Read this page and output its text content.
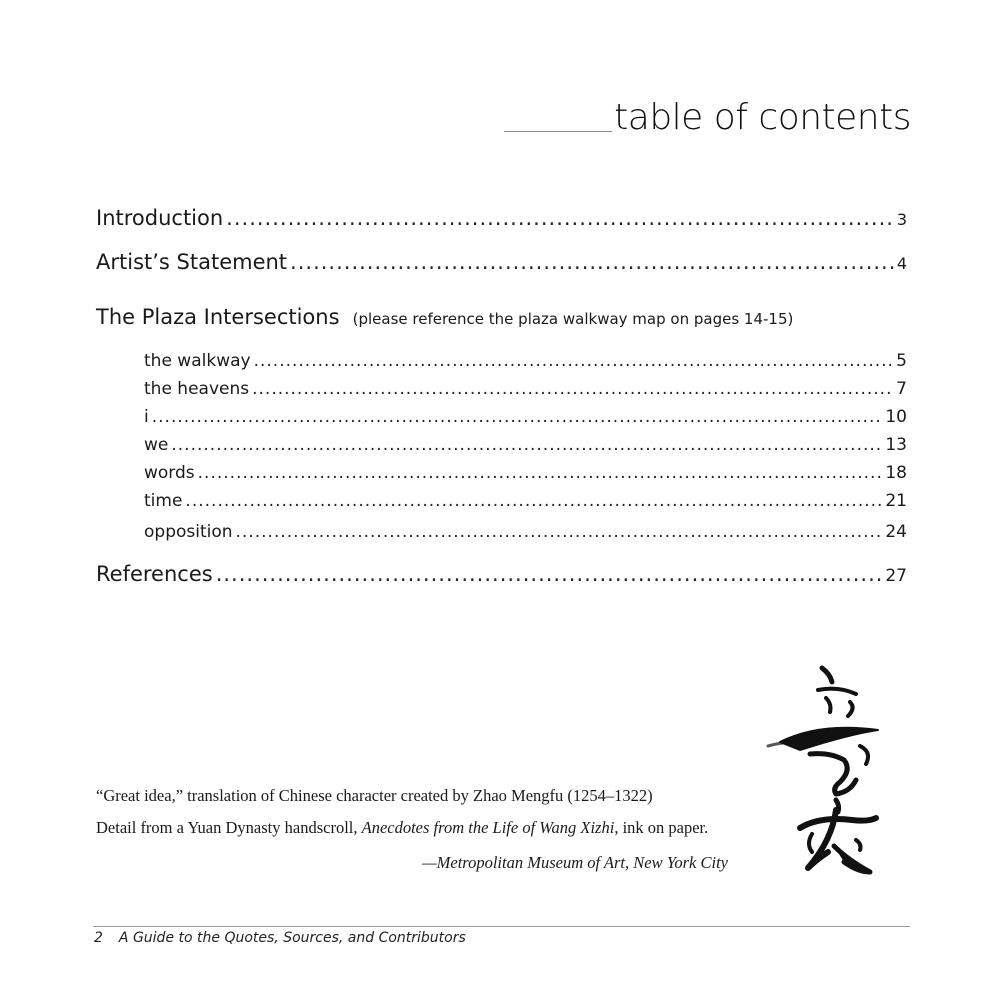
table of contents
Introduction .....	3
Artist’s Statement .....	4
The Plaza Intersections (please reference the plaza walkway map on pages 14-15)
the walkway .....	5
the heavens .....	7
i .....	10
we .....	13
words .....	18
time .....	21
opposition .....	24
References .....	27
“Great idea,” translation of Chinese character created by Zhao Mengfu (1254–1322)
Detail from a Yuan Dynasty handscroll, Anecdotes from the Life of Wang Xizhi, ink on paper.
—Metropolitan Museum of Art, New York City
2 A Guide to the Quotes, Sources, and Contributors
